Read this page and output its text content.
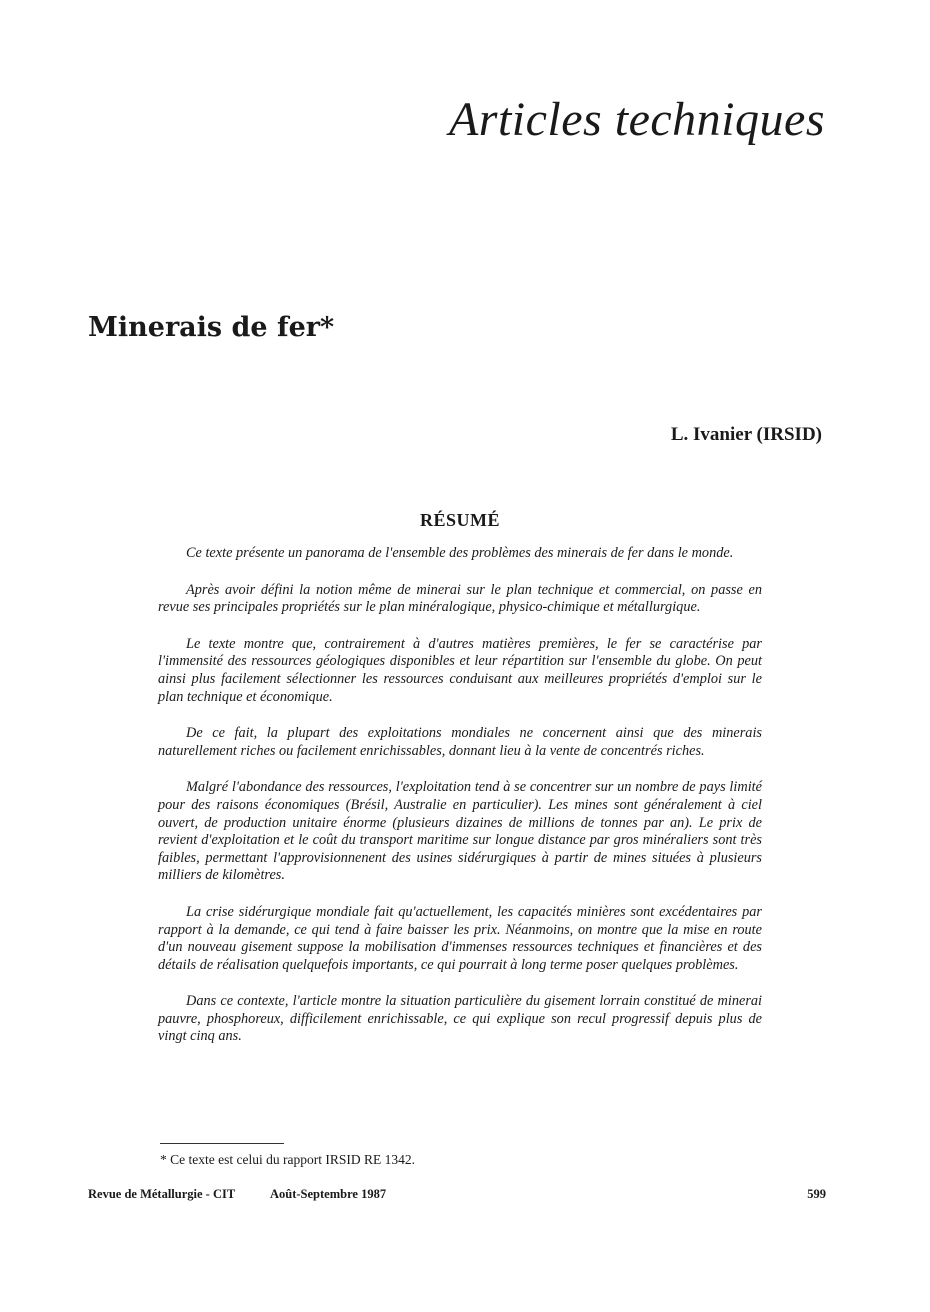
Articles techniques
Minerais de fer*
L. Ivanier (IRSID)
RÉSUMÉ

Ce texte présente un panorama de l'ensemble des problèmes des minerais de fer dans le monde.

Après avoir défini la notion même de minerai sur le plan technique et commercial, on passe en revue ses principales propriétés sur le plan minéralogique, physico-chimique et métallurgique.

Le texte montre que, contrairement à d'autres matières premières, le fer se caractérise par l'immensité des ressources géologiques disponibles et leur répartition sur l'ensemble du globe. On peut ainsi plus facilement sélectionner les ressources conduisant aux meilleures propriétés d'emploi sur le plan technique et économique.

De ce fait, la plupart des exploitations mondiales ne concernent ainsi que des minerais naturellement riches ou facilement enrichissables, donnant lieu à la vente de concentrés riches.

Malgré l'abondance des ressources, l'exploitation tend à se concentrer sur un nombre de pays limité pour des raisons économiques (Brésil, Australie en particulier). Les mines sont généralement à ciel ouvert, de production unitaire énorme (plusieurs dizaines de millions de tonnes par an). Le prix de revient d'exploitation et le coût du transport maritime sur longue distance par gros minéraliers sont très faibles, permettant l'approvisionnenent des usines sidérurgiques à partir de mines situées à plusieurs milliers de kilomètres.

La crise sidérurgique mondiale fait qu'actuellement, les capacités minières sont excédentaires par rapport à la demande, ce qui tend à faire baisser les prix. Néanmoins, on montre que la mise en route d'un nouveau gisement suppose la mobilisation d'immenses ressources techniques et financières et des détails de réalisation quelquefois importants, ce qui pourrait à long terme poser quelques problèmes.

Dans ce contexte, l'article montre la situation particulière du gisement lorrain constitué de minerai pauvre, phosphoreux, difficilement enrichissable, ce qui explique son recul progressif depuis plus de vingt cinq ans.

* Ce texte est celui du rapport IRSID RE 1342.
Revue de Métallurgie - CIT	Août-Septembre 1987	599
